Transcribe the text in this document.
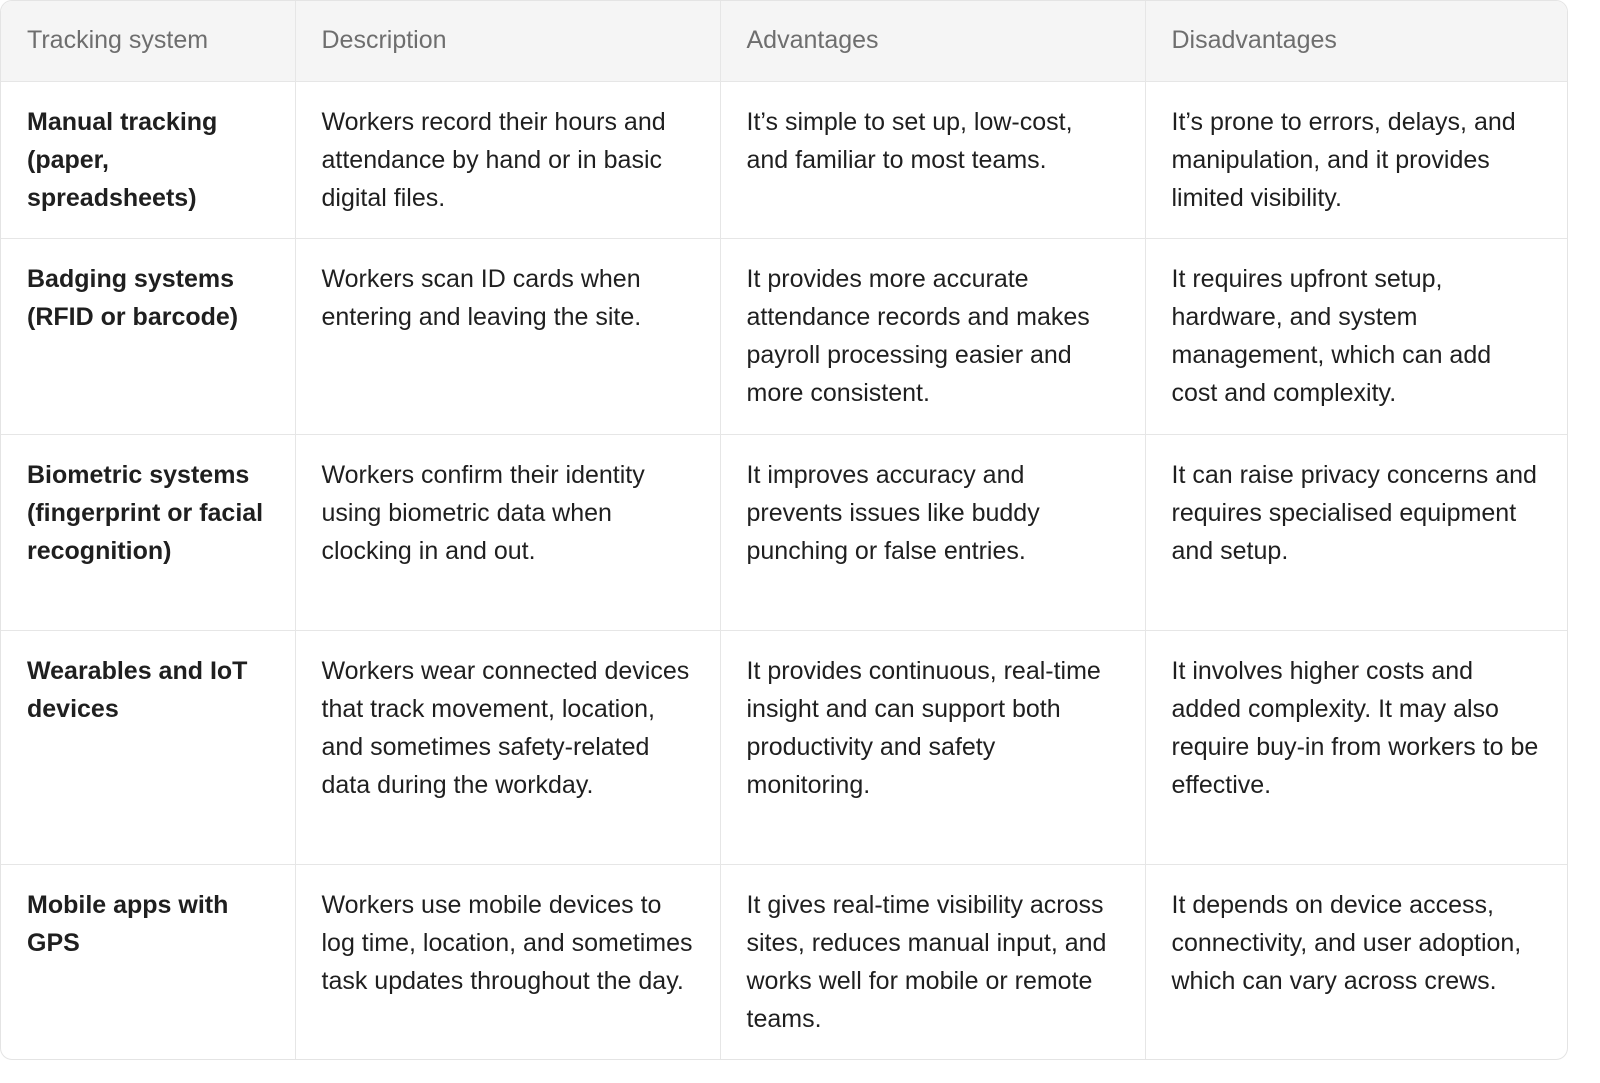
Tracking system	Description	Advantages	Disadvantages
Manual tracking (paper, spreadsheets)	Workers record their hours and attendance by hand or in basic digital files.	It’s simple to set up, low-cost, and familiar to most teams.	It’s prone to errors, delays, and manipulation, and it provides limited visibility.
Badging systems (RFID or barcode)	Workers scan ID cards when entering and leaving the site.	It provides more accurate attendance records and makes payroll processing easier and more consistent.	It requires upfront setup, hardware, and system management, which can add cost and complexity.
Biometric systems (fingerprint or facial recognition)	Workers confirm their identity using biometric data when clocking in and out.	It improves accuracy and prevents issues like buddy punching or false entries.	It can raise privacy concerns and requires specialised equipment and setup.
Wearables and IoT devices	Workers wear connected devices that track movement, location, and sometimes safety-related data during the workday.	It provides continuous, real-time insight and can support both productivity and safety monitoring.	It involves higher costs and added complexity. It may also require buy-in from workers to be effective.
Mobile apps with GPS	Workers use mobile devices to log time, location, and sometimes task updates throughout the day.	It gives real-time visibility across sites, reduces manual input, and works well for mobile or remote teams.	It depends on device access, connectivity, and user adoption, which can vary across crews.
